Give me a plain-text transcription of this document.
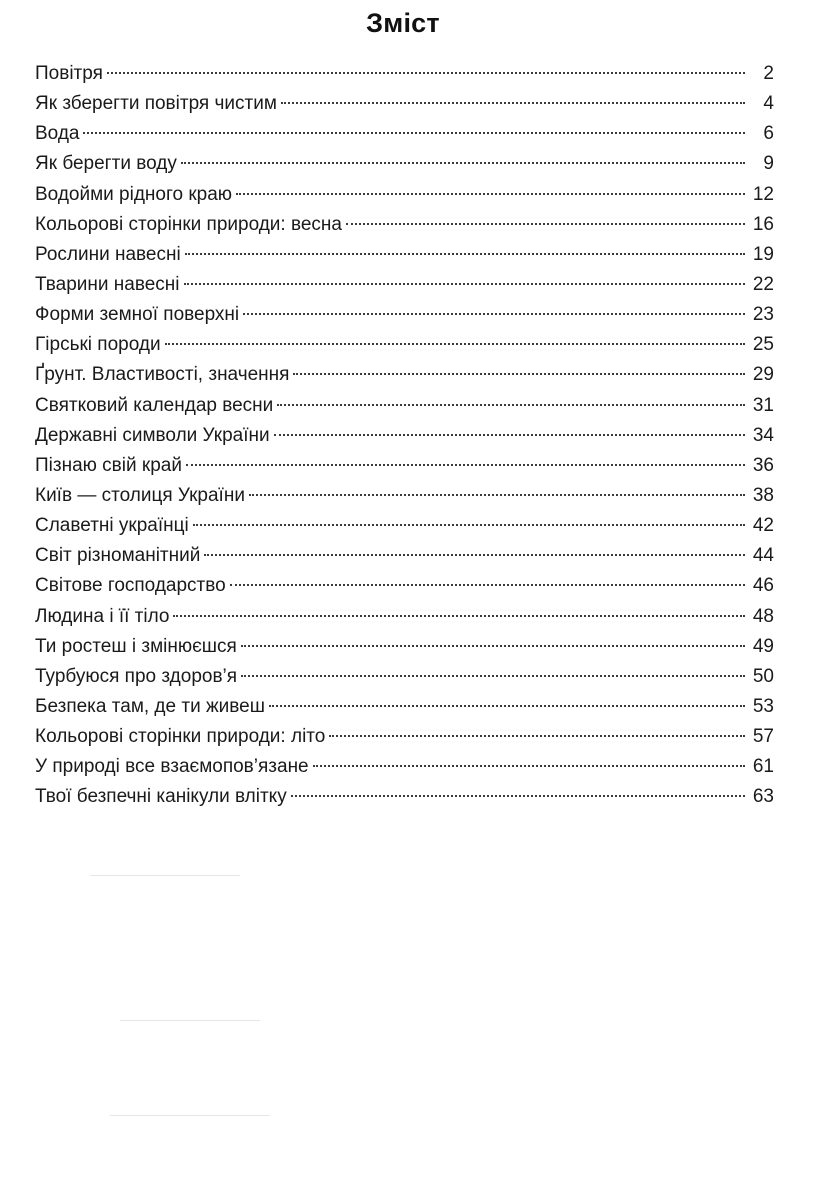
Зміст
Повітря	2
Як зберегти повітря чистим	4
Вода	6
Як берегти воду	9
Водойми рідного краю	12
Кольорові сторінки природи: весна	16
Рослини навесні	19
Тварини навесні	22
Форми земної поверхні	23
Гірські породи	25
Ґрунт. Властивості, значення	29
Святковий календар весни	31
Державні символи України	34
Пізнаю свій край	36
Київ — столиця України	38
Славетні українці	42
Світ різноманітний	44
Світове господарство	46
Людина і її тіло	48
Ти ростеш і змінюєшся	49
Турбуюся про здоров’я	50
Безпека там, де ти живеш	53
Кольорові сторінки природи: літо	57
У природі все взаємопов’язане	61
Твої безпечні канікули влітку	63
